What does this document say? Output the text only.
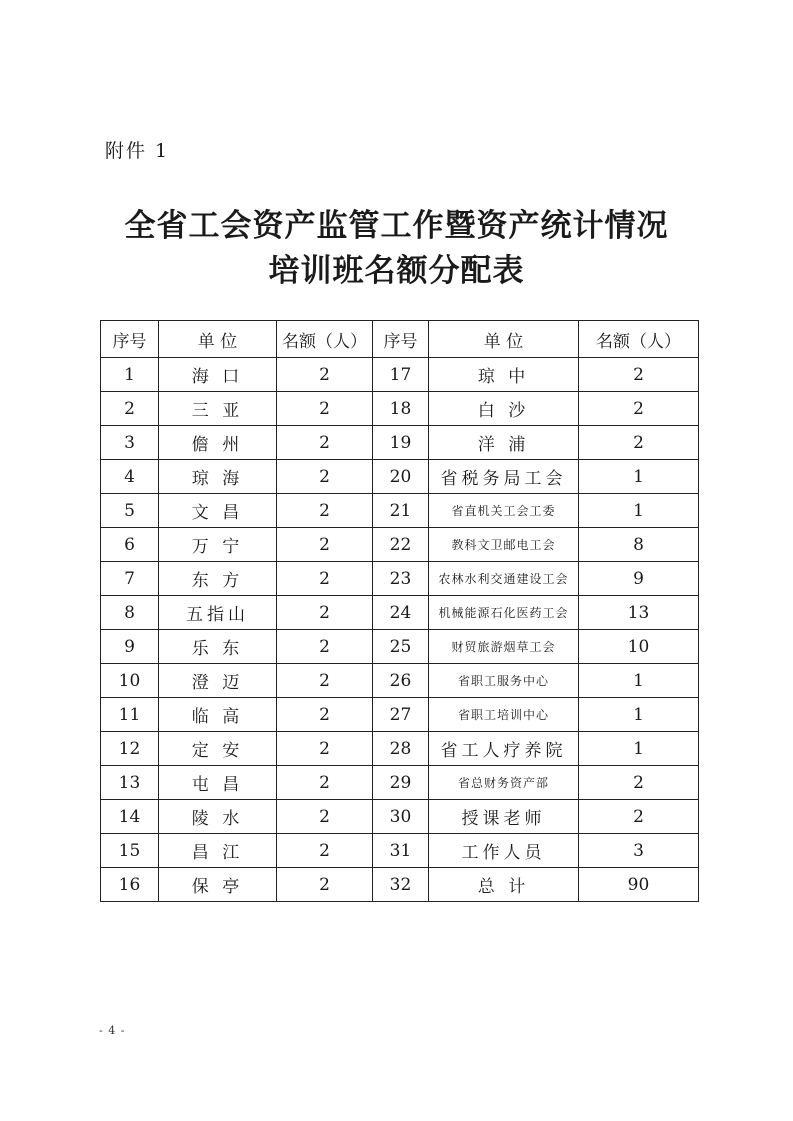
附件 1
全省工会资产监管工作暨资产统计情况
培训班名额分配表
序号	单 位	名额（人）	序号	单 位	名额（人）
1	海 口	2	17	琼 中	2
2	三 亚	2	18	白 沙	2
3	儋 州	2	19	洋 浦	2
4	琼 海	2	20	省税务局工会	1
5	文 昌	2	21	省直机关工会工委	1
6	万 宁	2	22	教科文卫邮电工会	8
7	东 方	2	23	农林水利交通建设工会	9
8	五指山	2	24	机械能源石化医药工会	13
9	乐 东	2	25	财贸旅游烟草工会	10
10	澄 迈	2	26	省职工服务中心	1
11	临 高	2	27	省职工培训中心	1
12	定 安	2	28	省工人疗养院	1
13	屯 昌	2	29	省总财务资产部	2
14	陵 水	2	30	授课老师	2
15	昌 江	2	31	工作人员	3
16	保 亭	2	32	总 计	90
- 4 -
